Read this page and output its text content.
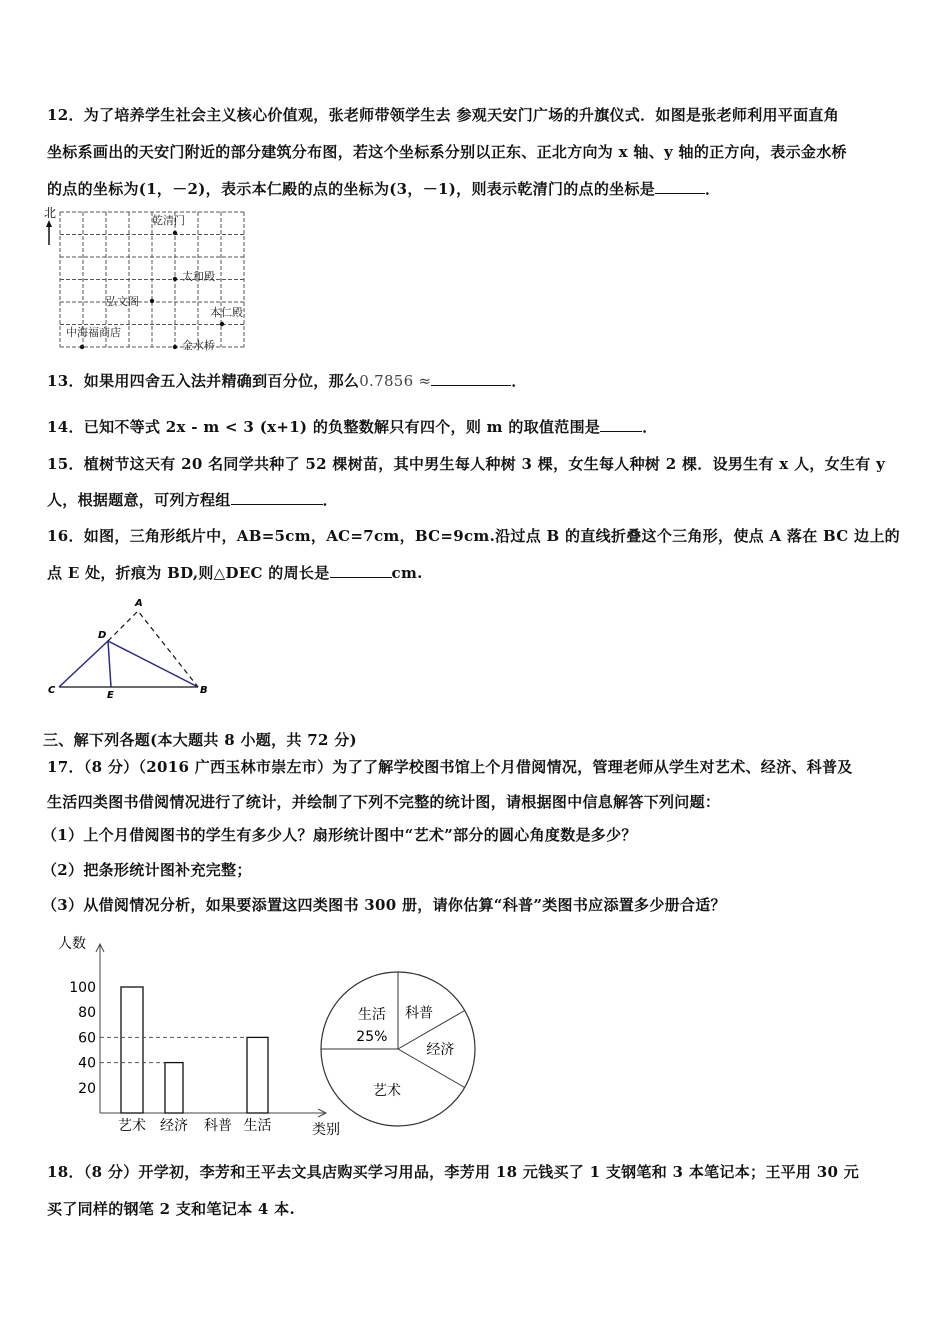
12．为了培养学生社会主义核心价值观，张老师带领学生去 参观天安门广场的升旗仪式．如图是张老师利用平面直角
坐标系画出的天安门附近的部分建筑分布图，若这个坐标系分别以正东、正北方向为 x 轴、y 轴的正方向，表示金水桥
的点的坐标为(1，－2)，表示本仁殿的点的坐标为(3，－1)，则表示乾清门的点的坐标是	．
北
乾清门
太和殿
弘文阁
本仁殿
中海福商店
金水桥
13．如果用四舍五入法并精确到百分位，那么0.7856 ≈	．
14．已知不等式 2x - m < 3 (x+1) 的负整数解只有四个，则 m 的取值范围是	．
15．植树节这天有 20 名同学共种了 52 棵树苗，其中男生每人种树 3 棵，女生每人种树 2 棵．设男生有 x 人，女生有 y
人，根据题意，可列方程组	．
16．如图，三角形纸片中，AB=5cm，AC=7cm，BC=9cm.沿过点 B 的直线折叠这个三角形，使点 A 落在 BC 边上的
点 E 处，折痕为 BD,则△DEC 的周长是	cm.
A
D
C	E	B
三、解下列各题(本大题共 8 小题，共 72 分)
17．（8 分）（2016 广西玉林市崇左市）为了了解学校图书馆上个月借阅情况，管理老师从学生对艺术、经济、科普及
生活四类图书借阅情况进行了统计，并绘制了下列不完整的统计图，请根据图中信息解答下列问题：
（1）上个月借阅图书的学生有多少人？扇形统计图中“艺术”部分的圆心角度数是多少？
（2）把条形统计图补充完整；
（3）从借阅情况分析，如果要添置这四类图书 300 册，请你估算“科普”类图书应添置多少册合适？
人数
类别
20
40
60
80
100
艺术 经济 科普 生活
生活
25%
科普
经济
艺术
18．（8 分）开学初，李芳和王平去文具店购买学习用品，李芳用 18 元钱买了 1 支钢笔和 3 本笔记本；王平用 30 元
买了同样的钢笔 2 支和笔记本 4 本.
